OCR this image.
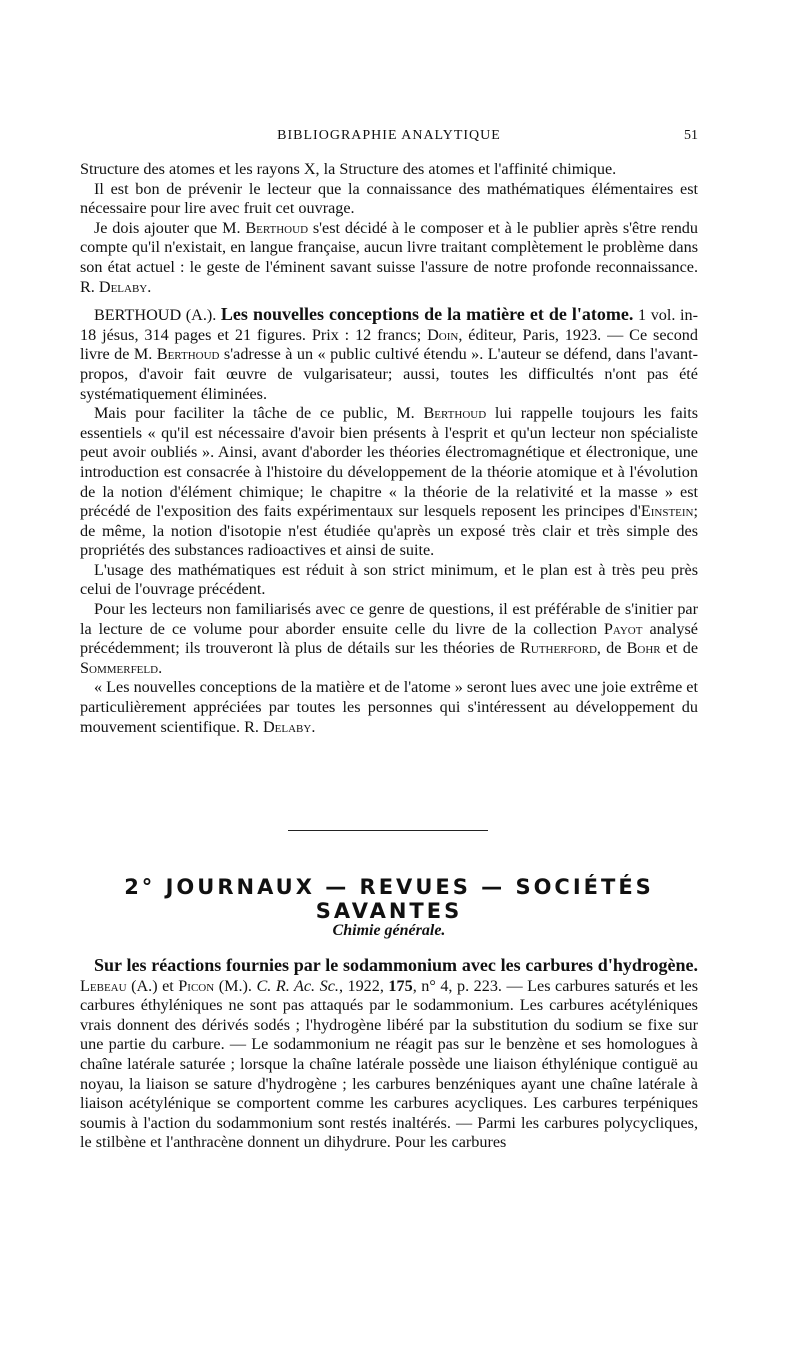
BIBLIOGRAPHIE ANALYTIQUE	51

Structure des atomes et les rayons X, la Structure des atomes et l'affinité chimique.

Il est bon de prévenir le lecteur que la connaissance des mathématiques élémentaires est nécessaire pour lire avec fruit cet ouvrage.

Je dois ajouter que M. Berthoud s'est décidé à le composer et à le publier après s'être rendu compte qu'il n'existait, en langue française, aucun livre traitant complètement le problème dans son état actuel : le geste de l'éminent savant suisse l'assure de notre profonde reconnaissance. R. Delaby.

BERTHOUD (A.). Les nouvelles conceptions de la matière et de l'atome. 1 vol. in-18 jésus, 314 pages et 21 figures. Prix : 12 francs; Doin, éditeur, Paris, 1923. — Ce second livre de M. Berthoud s'adresse à un « public cultivé étendu ». L'auteur se défend, dans l'avant-propos, d'avoir fait œuvre de vulgarisateur; aussi, toutes les difficultés n'ont pas été systématiquement éliminées.

Mais pour faciliter la tâche de ce public, M. Berthoud lui rappelle toujours les faits essentiels « qu'il est nécessaire d'avoir bien présents à l'esprit et qu'un lecteur non spécialiste peut avoir oubliés ». Ainsi, avant d'aborder les théories électromagnétique et électronique, une introduction est consacrée à l'histoire du développement de la théorie atomique et à l'évolution de la notion d'élément chimique; le chapitre « la théorie de la relativité et la masse » est précédé de l'exposition des faits expérimentaux sur lesquels reposent les principes d'Einstein; de même, la notion d'isotopie n'est étudiée qu'après un exposé très clair et très simple des propriétés des substances radioactives et ainsi de suite.

L'usage des mathématiques est réduit à son strict minimum, et le plan est à très peu près celui de l'ouvrage précédent.

Pour les lecteurs non familiarisés avec ce genre de questions, il est préférable de s'initier par la lecture de ce volume pour aborder ensuite celle du livre de la collection Payot analysé précédemment; ils trouveront là plus de détails sur les théories de Rutherford, de Bohr et de Sommerfeld.

« Les nouvelles conceptions de la matière et de l'atome » seront lues avec une joie extrême et particulièrement appréciées par toutes les personnes qui s'intéressent au développement du mouvement scientifique. R. Delaby.

2° JOURNAUX — REVUES — SOCIÉTÉS SAVANTES
Chimie générale.

Sur les réactions fournies par le sodammonium avec les carbures d'hydrogène. Lebeau (A.) et Picon (M.). C. R. Ac. Sc., 1922, 175, n° 4, p. 223. — Les carbures saturés et les carbures éthyléniques ne sont pas attaqués par le sodammonium. Les carbures acétyléniques vrais donnent des dérivés sodés ; l'hydrogène libéré par la substitution du sodium se fixe sur une partie du carbure. — Le sodammonium ne réagit pas sur le benzène et ses homologues à chaîne latérale saturée ; lorsque la chaîne latérale possède une liaison éthylénique contiguë au noyau, la liaison se sature d'hydrogène ; les carbures benzéniques ayant une chaîne latérale à liaison acétylénique se comportent comme les carbures acycliques. Les carbures terpéniques soumis à l'action du sodammonium sont restés inaltérés. — Parmi les carbures polycycliques, le stilbène et l'anthracène donnent un dihydrure. Pour les carbures
